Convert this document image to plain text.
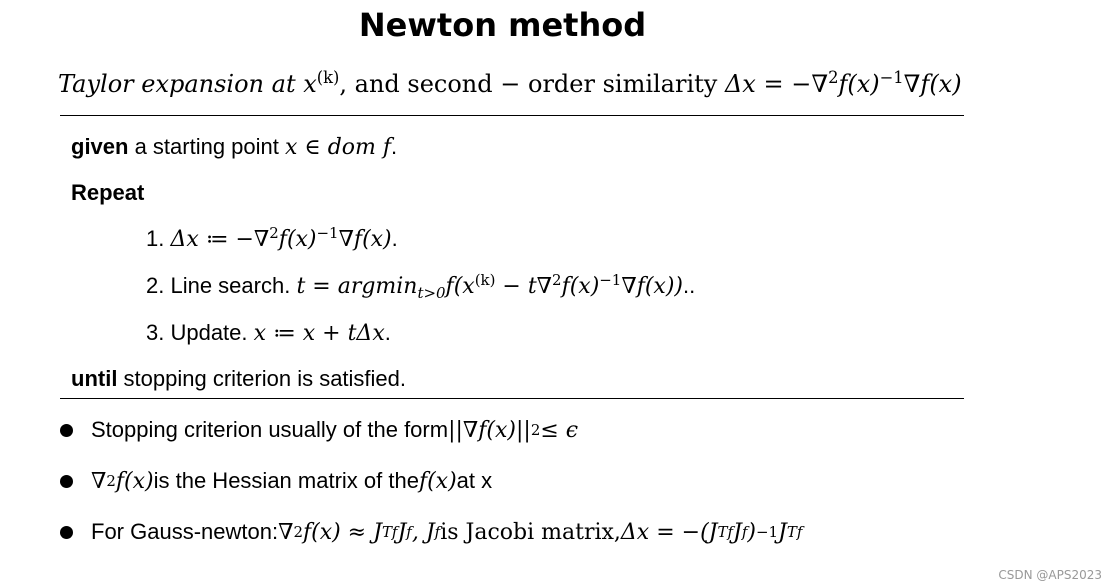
Newton method
Taylor expansion at $x^{(k)}$, and second − order similarity $\Delta x = -\nabla^2f(x)^{-1}\nabla f(x)$
given a starting point x ∈ dom f.
Repeat
1. Δx ≔ $-\nabla^2f(x)^{-1}\nabla f(x)$.
2. Line search. $t = argmin_{t>0}f(x^{(k)} - t\nabla^2f(x)^{-1}\nabla f(x))$..
3. Update. x ≔ x + tΔx.
until stopping criterion is satisfied.
Stopping criterion usually of the form ||∇f(x)|| 2 ≤ ϵ
∇ 2 f(x) is the Hessian matrix of the f(x) at x
For Gauss-newton: ∇ 2 f(x) ≈ J T f J f , J f is Jacobi matrix, Δx = −(J T f J f ) −1 J T f
CSDN @APS2023
